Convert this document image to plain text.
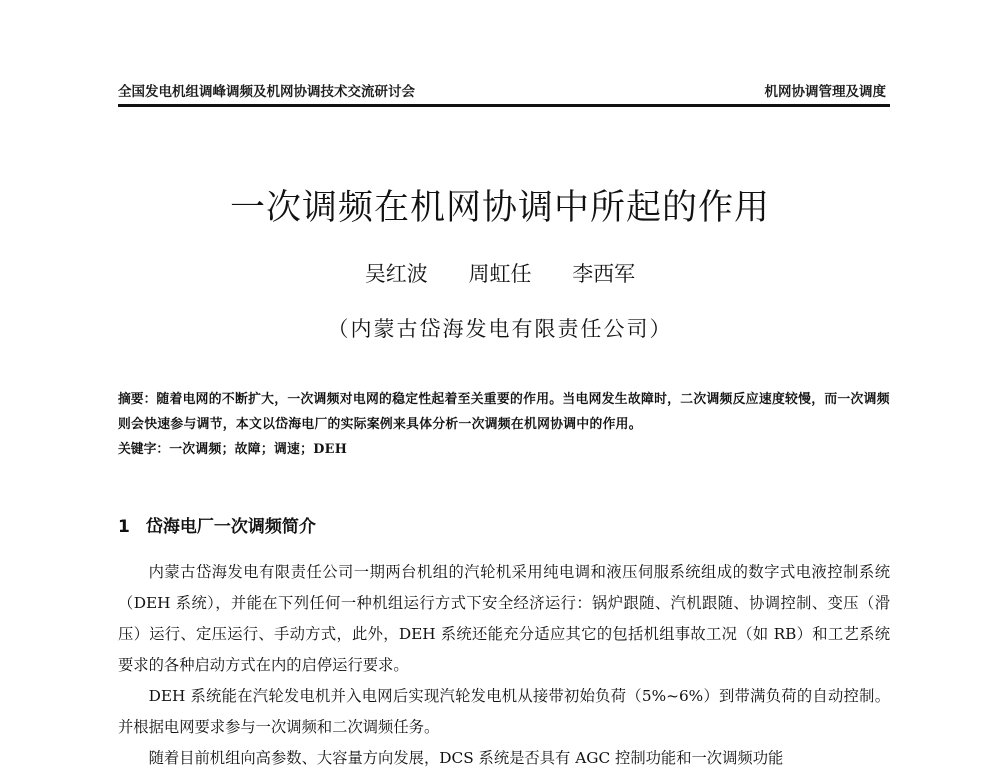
全国发电机组调峰调频及机网协调技术交流研讨会	机网协调管理及调度
一次调频在机网协调中所起的作用
吴红波 周虹任 李西军
（内蒙古岱海发电有限责任公司）
摘要：随着电网的不断扩大，一次调频对电网的稳定性起着至关重要的作用。当电网发生故障时，二次调频反应速度较慢，而一次调频则会快速参与调节，本文以岱海电厂的实际案例来具体分析一次调频在机网协调中的作用。
关键字：一次调频；故障；调速；DEH
1 岱海电厂一次调频简介

内蒙古岱海发电有限责任公司一期两台机组的汽轮机采用纯电调和液压伺服系统组成的数字式电液控制系统（DEH 系统），并能在下列任何一种机组运行方式下安全经济运行：锅炉跟随、汽机跟随、协调控制、变压（滑压）运行、定压运行、手动方式，此外，DEH 系统还能充分适应其它的包括机组事故工况（如 RB）和工艺系统要求的各种启动方式在内的启停运行要求。

DEH 系统能在汽轮发电机并入电网后实现汽轮发电机从接带初始负荷（5%~6%）到带满负荷的自动控制。并根据电网要求参与一次调频和二次调频任务。

随着目前机组向高参数、大容量方向发展，DCS 系统是否具有 AGC 控制功能和一次调频功能
